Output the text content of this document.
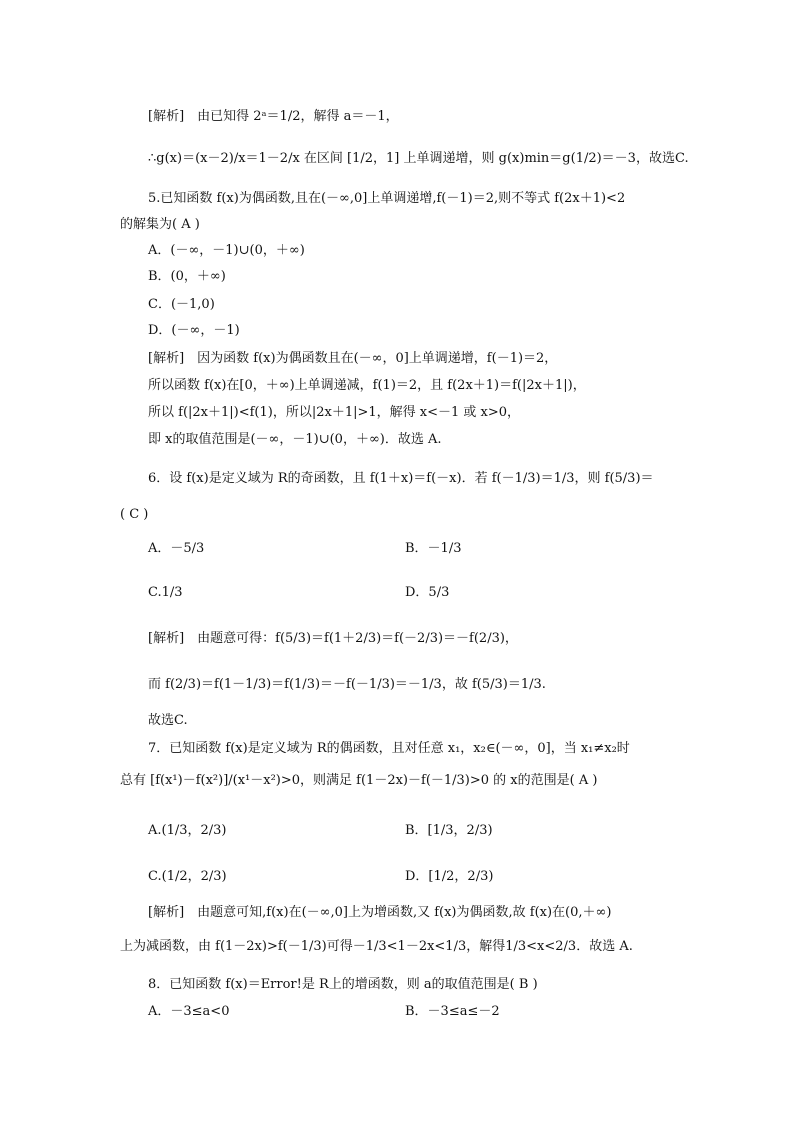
[解析]　由已知得 2ᵃ＝1/2，解得 a＝－1，
∴g(x)＝(x－2)/x＝1－2/x 在区间 [1/2，1] 上单调递增，则 g(x)min＝g(1/2)＝－3，故选C.
5.已知函数 f(x)为偶函数,且在(－∞,0]上单调递增,f(－1)＝2,则不等式 f(2x＋1)<2
的解集为( A )
A．(－∞，－1)∪(0，＋∞)
B．(0，＋∞)
C．(－1,0)
D．(－∞，－1)
[解析]　因为函数 f(x)为偶函数且在(－∞，0]上单调递增，f(－1)＝2，
所以函数 f(x)在[0，＋∞)上单调递减，f(1)＝2，且 f(2x＋1)＝f(|2x＋1|)，
所以 f(|2x＋1|)<f(1)，所以|2x＋1|>1，解得 x<－1 或 x>0，
即 x的取值范围是(－∞，－1)∪(0，＋∞)．故选 A.
6．设 f(x)是定义域为 R的奇函数，且 f(1＋x)＝f(－x)．若 f(－1/3)＝1/3，则 f(5/3)＝
( C )
A．－5/3	B．－1/3
C.1/3	D．5/3
[解析]　由题意可得：f(5/3)＝f(1＋2/3)＝f(－2/3)＝－f(2/3)，
而 f(2/3)＝f(1－1/3)＝f(1/3)＝－f(－1/3)＝－1/3，故 f(5/3)＝1/3.
故选C.
7．已知函数 f(x)是定义域为 R的偶函数，且对任意 x₁，x₂∈(－∞，0]，当 x₁≠x₂时
总有 [f(x¹)－f(x²)]/(x¹－x²)>0，则满足 f(1－2x)－f(－1/3)>0 的 x的范围是( A )
A.(1/3，2/3)	B．[1/3，2/3)
C.(1/2，2/3)	D．[1/2，2/3)
[解析]　由题意可知,f(x)在(－∞,0]上为增函数,又 f(x)为偶函数,故 f(x)在(0,＋∞)
上为减函数，由 f(1－2x)>f(－1/3)可得－1/3<1－2x<1/3，解得1/3<x<2/3．故选 A.
8．已知函数 f(x)＝Error!是 R上的增函数，则 a的取值范围是( B )
A．－3≤a<0	B．－3≤a≤－2
